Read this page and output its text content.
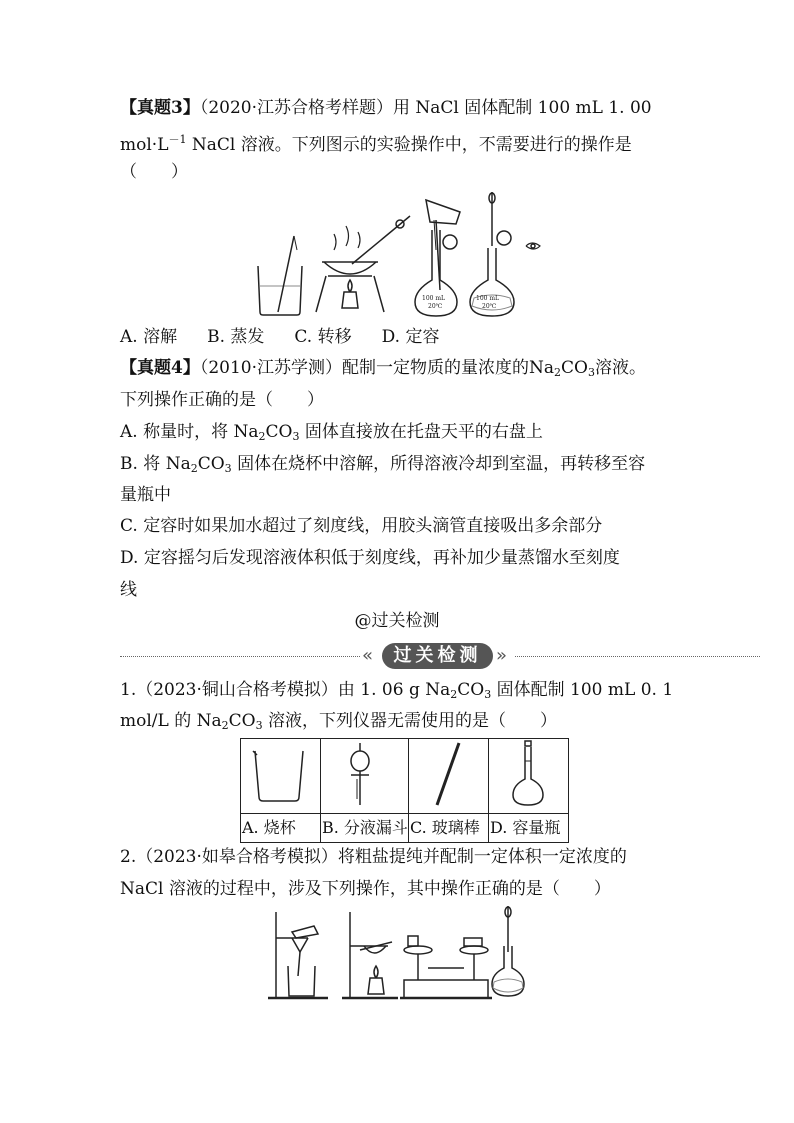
【真题3】（2020·江苏合格考样题）用 NaCl 固体配制 100 mL 1. 00
$mol\cdot L^{-1}$ NaCl 溶液。下列图示的实验操作中，不需要进行的操作是
（　　）
100 mL
20℃
100 mL
20℃
A. 溶解 B. 蒸发 C. 转移 D. 定容
【真题4】（2010·江苏学测）配制一定物质的量浓度的$Na_2CO_3$溶液。
下列操作正确的是（　　）
A. 称量时，将 $Na_2CO_3$ 固体直接放在托盘天平的右盘上
B. 将 $Na_2CO_3$ 固体在烧杯中溶解，所得溶液冷却到室温，再转移至容
量瓶中
C. 定容时如果加水超过了刻度线，用胶头滴管直接吸出多余部分
D. 定容摇匀后发现溶液体积低于刻度线，再补加少量蒸馏水至刻度
线
@过关检测
«	过关检测 »
1.（2023·铜山合格考模拟）由 1. 06 g $Na_2CO_3$ 固体配制 100 mL 0. 1
mol/L 的 $Na_2CO_3$ 溶液，下列仪器无需使用的是（　　）

A. 烧杯	B. 分液漏斗	C. 玻璃棒	D. 容量瓶
2.（2023·如皋合格考模拟）将粗盐提纯并配制一定体积一定浓度的
NaCl 溶液的过程中，涉及下列操作，其中操作正确的是（　　）
